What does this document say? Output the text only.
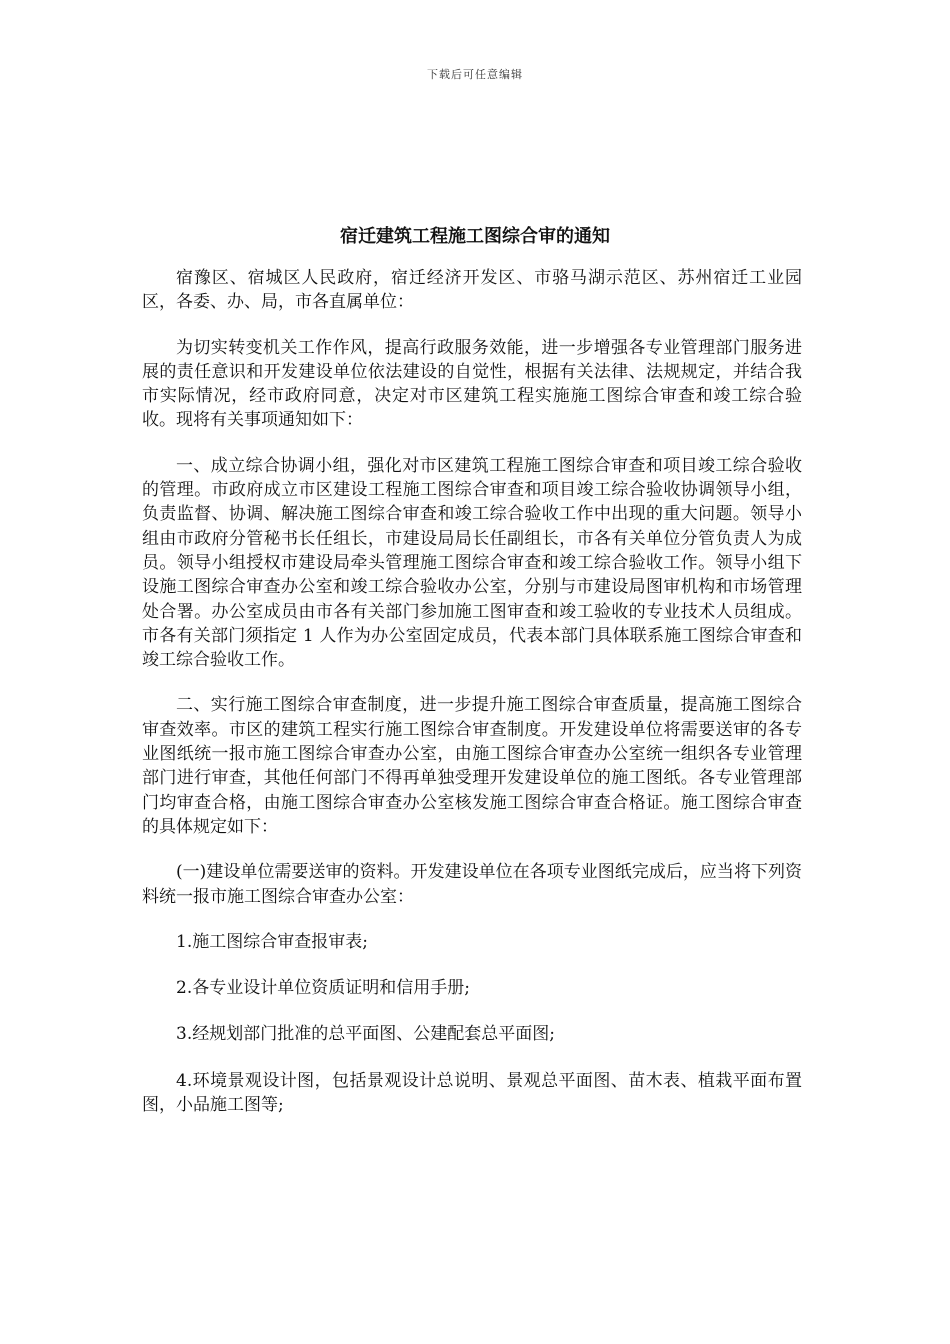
下载后可任意编辑
宿迁建筑工程施工图综合审的通知

宿豫区、宿城区人民政府，宿迁经济开发区、市骆马湖示范区、苏州宿迁工业园区，各委、办、局，市各直属单位：

为切实转变机关工作作风，提高行政服务效能，进一步增强各专业管理部门服务进展的责任意识和开发建设单位依法建设的自觉性，根据有关法律、法规规定，并结合我市实际情况，经市政府同意，决定对市区建筑工程实施施工图综合审查和竣工综合验收。现将有关事项通知如下：

一、成立综合协调小组，强化对市区建筑工程施工图综合审查和项目竣工综合验收的管理。市政府成立市区建设工程施工图综合审查和项目竣工综合验收协调领导小组，负责监督、协调、解决施工图综合审查和竣工综合验收工作中出现的重大问题。领导小组由市政府分管秘书长任组长，市建设局局长任副组长，市各有关单位分管负责人为成员。领导小组授权市建设局牵头管理施工图综合审查和竣工综合验收工作。领导小组下设施工图综合审查办公室和竣工综合验收办公室，分别与市建设局图审机构和市场管理处合署。办公室成员由市各有关部门参加施工图审查和竣工验收的专业技术人员组成。市各有关部门须指定 1 人作为办公室固定成员，代表本部门具体联系施工图综合审查和竣工综合验收工作。

二、实行施工图综合审查制度，进一步提升施工图综合审查质量，提高施工图综合审查效率。市区的建筑工程实行施工图综合审查制度。开发建设单位将需要送审的各专业图纸统一报市施工图综合审查办公室，由施工图综合审查办公室统一组织各专业管理部门进行审查，其他任何部门不得再单独受理开发建设单位的施工图纸。各专业管理部门均审查合格，由施工图综合审查办公室核发施工图综合审查合格证。施工图综合审查的具体规定如下：

(一)建设单位需要送审的资料。开发建设单位在各项专业图纸完成后，应当将下列资料统一报市施工图综合审查办公室：

1.施工图综合审查报审表;

2.各专业设计单位资质证明和信用手册;

3.经规划部门批准的总平面图、公建配套总平面图;

4.环境景观设计图，包括景观设计总说明、景观总平面图、苗木表、植栽平面布置图，小品施工图等;
